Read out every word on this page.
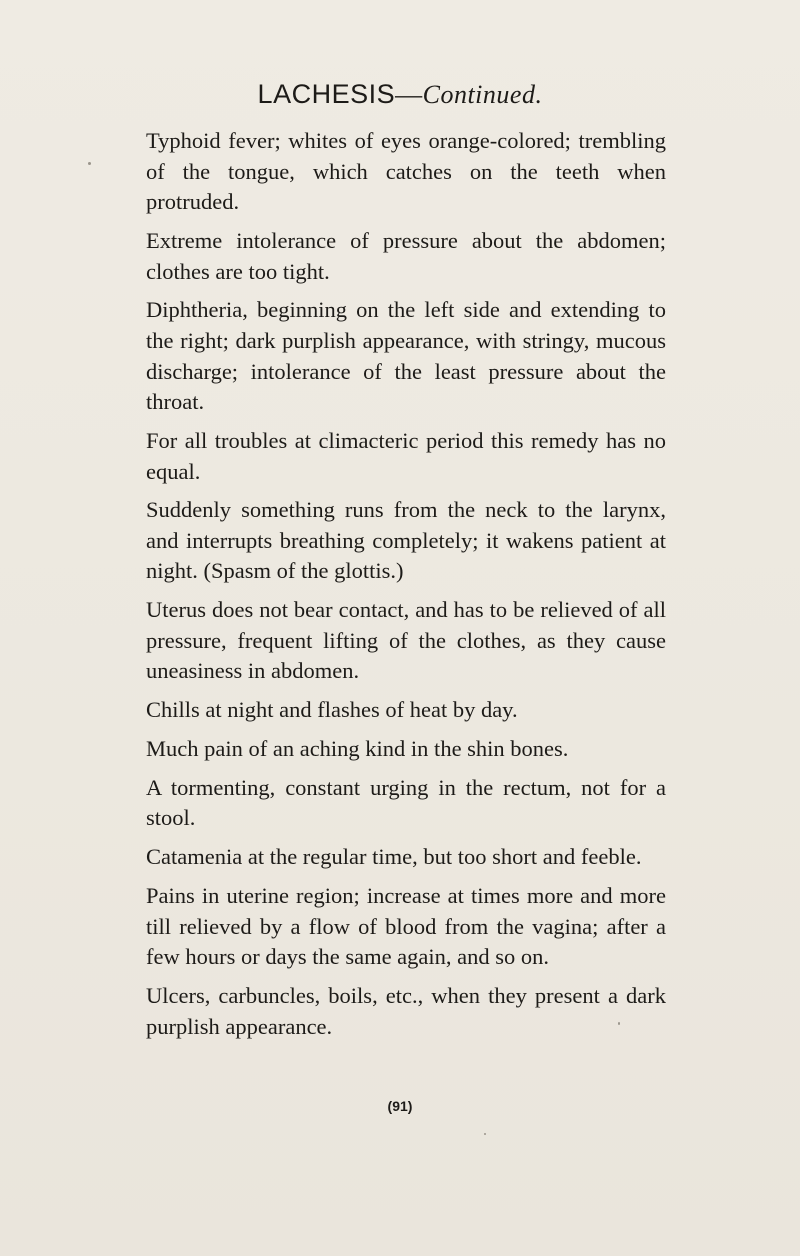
LACHESIS—Continued.

Typhoid fever; whites of eyes orange-colored; trembling of the tongue, which catches on the teeth when protruded.

Extreme intolerance of pressure about the abdomen; clothes are too tight.

Diphtheria, beginning on the left side and extending to the right; dark purplish appearance, with stringy, mucous discharge; intolerance of the least pressure about the throat.

For all troubles at climacteric period this remedy has no equal.

Suddenly something runs from the neck to the larynx, and interrupts breathing completely; it wakens patient at night. (Spasm of the glottis.)

Uterus does not bear contact, and has to be relieved of all pressure, frequent lifting of the clothes, as they cause uneasiness in abdomen.

Chills at night and flashes of heat by day.

Much pain of an aching kind in the shin bones.

A tormenting, constant urging in the rectum, not for a stool.

Catamenia at the regular time, but too short and feeble.

Pains in uterine region; increase at times more and more till relieved by a flow of blood from the vagina; after a few hours or days the same again, and so on.

Ulcers, carbuncles, boils, etc., when they present a dark purplish appearance.

(91)
